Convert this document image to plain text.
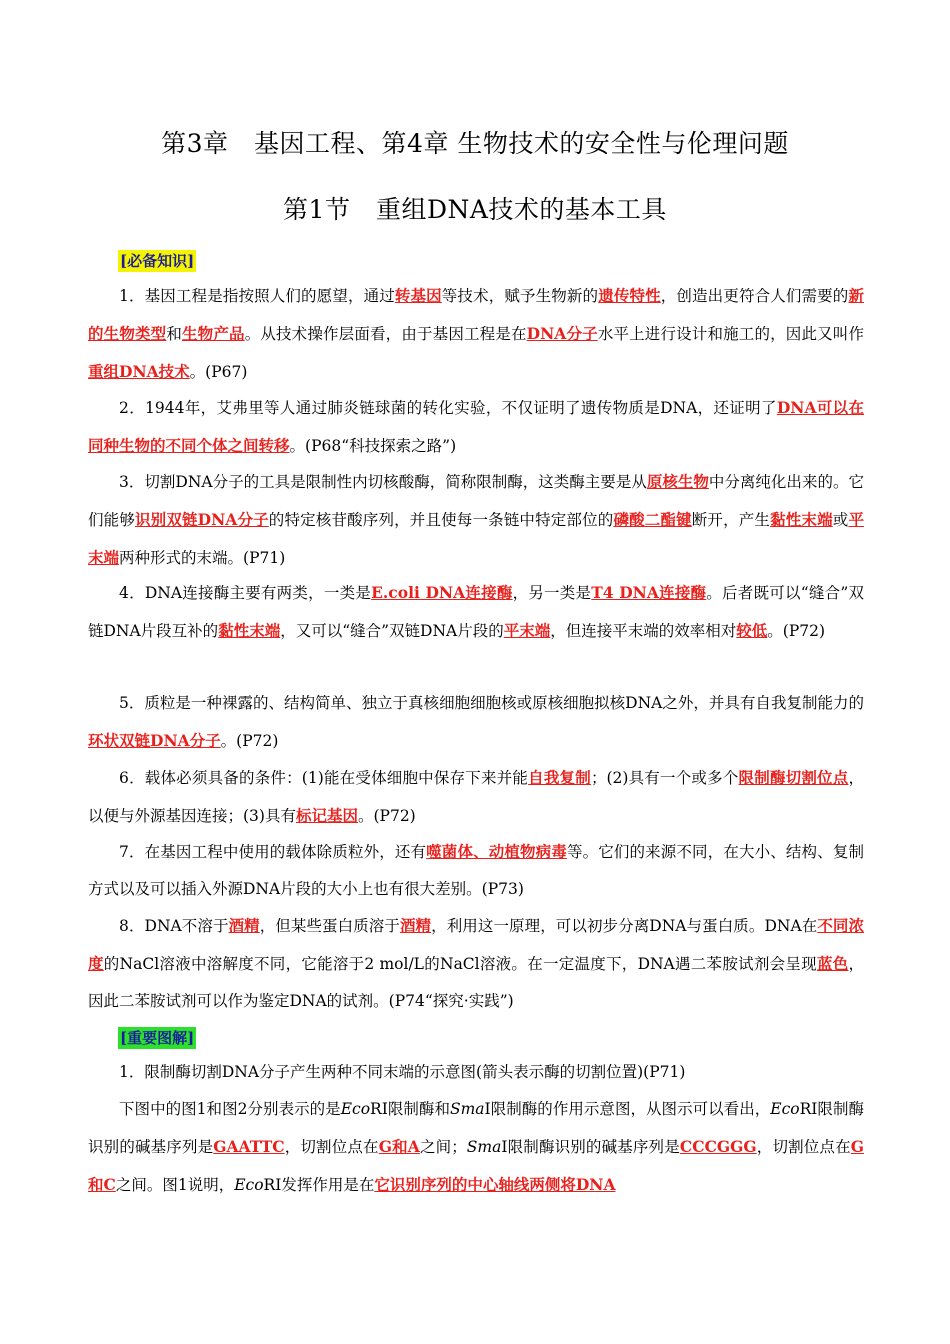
第3章　基因工程、第4章 生物技术的安全性与伦理问题
第1节　重组DNA技术的基本工具
[必备知识]

1．基因工程是指按照人们的愿望，通过转基因等技术，赋予生物新的遗传特性，创造出更符合人们需要的新的生物类型和生物产品。从技术操作层面看，由于基因工程是在DNA分子水平上进行设计和施工的，因此又叫作重组DNA技术。(P67)

2．1944年，艾弗里等人通过肺炎链球菌的转化实验，不仅证明了遗传物质是DNA，还证明了DNA可以在同种生物的不同个体之间转移。(P68“科技探索之路”)

3．切割DNA分子的工具是限制性内切核酸酶，简称限制酶，这类酶主要是从原核生物中分离纯化出来的。它们能够识别双链DNA分子的特定核苷酸序列，并且使每一条链中特定部位的磷酸二酯键断开，产生黏性末端或平末端两种形式的末端。(P71)

4．DNA连接酶主要有两类，一类是E.coli DNA连接酶，另一类是T4 DNA连接酶。后者既可以“缝合”双链DNA片段互补的黏性末端，又可以“缝合”双链DNA片段的平末端，但连接平末端的效率相对较低。(P72)

5．质粒是一种裸露的、结构简单、独立于真核细胞细胞核或原核细胞拟核DNA之外，并具有自我复制能力的环状双链DNA分子。(P72)

6．载体必须具备的条件：(1)能在受体细胞中保存下来并能自我复制；(2)具有一个或多个限制酶切割位点，以便与外源基因连接；(3)具有标记基因。(P72)

7．在基因工程中使用的载体除质粒外，还有噬菌体、动植物病毒等。它们的来源不同，在大小、结构、复制方式以及可以插入外源DNA片段的大小上也有很大差别。(P73)

8．DNA不溶于酒精，但某些蛋白质溶于酒精，利用这一原理，可以初步分离DNA与蛋白质。DNA在不同浓度的NaCl溶液中溶解度不同，它能溶于2 mol/L的NaCl溶液。在一定温度下，DNA遇二苯胺试剂会呈现蓝色，因此二苯胺试剂可以作为鉴定DNA的试剂。(P74“探究·实践”)

[重要图解]

1．限制酶切割DNA分子产生两种不同末端的示意图(箭头表示酶的切割位置)(P71)

下图中的图1和图2分别表示的是EcoRI限制酶和SmaI限制酶的作用示意图，从图示可以看出，EcoRI限制酶识别的碱基序列是GAATTC，切割位点在G和A之间；SmaI限制酶识别的碱基序列是CCCGGG，切割位点在G和C之间。图1说明，EcoRI发挥作用是在它识别序列的中心轴线两侧将DNA
